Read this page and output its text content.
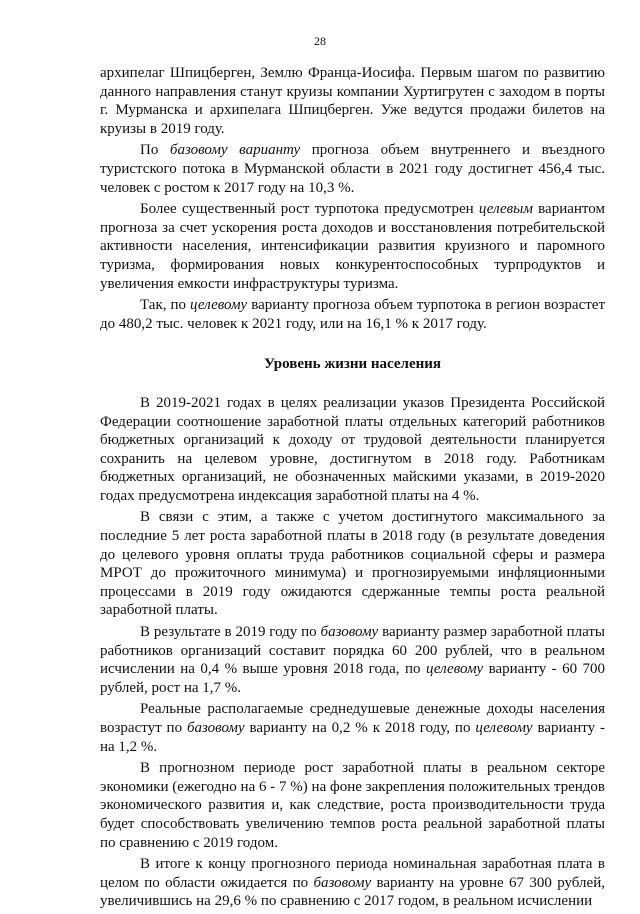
28

архипелаг Шпицберген, Землю Франца-Иосифа. Первым шагом по развитию данного направления станут круизы компании Хуртигрутен с заходом в порты г. Мурманска и архипелага Шпицберген. Уже ведутся продажи билетов на круизы в 2019 году.

По базовому варианту прогноза объем внутреннего и въездного туристского потока в Мурманской области в 2021 году достигнет 456,4 тыс. человек с ростом к 2017 году на 10,3 %.

Более существенный рост турпотока предусмотрен целевым вариантом прогноза за счет ускорения роста доходов и восстановления потребительской активности населения, интенсификации развития круизного и паромного туризма, формирования новых конкурентоспособных турпродуктов и увеличения емкости инфраструктуры туризма.

Так, по целевому варианту прогноза объем турпотока в регион возрастет до 480,2 тыс. человек к 2021 году, или на 16,1 % к 2017 году.

Уровень жизни населения

В 2019-2021 годах в целях реализации указов Президента Российской Федерации соотношение заработной платы отдельных категорий работников бюджетных организаций к доходу от трудовой деятельности планируется сохранить на целевом уровне, достигнутом в 2018 году. Работникам бюджетных организаций, не обозначенных майскими указами, в 2019-2020 годах предусмотрена индексация заработной платы на 4 %.

В связи с этим, а также с учетом достигнутого максимального за последние 5 лет роста заработной платы в 2018 году (в результате доведения до целевого уровня оплаты труда работников социальной сферы и размера МРОТ до прожиточного минимума) и прогнозируемыми инфляционными процессами в 2019 году ожидаются сдержанные темпы роста реальной заработной платы.

В результате в 2019 году по базовому варианту размер заработной платы работников организаций составит порядка 60 200 рублей, что в реальном исчислении на 0,4 % выше уровня 2018 года, по целевому варианту - 60 700 рублей, рост на 1,7 %.

Реальные располагаемые среднедушевые денежные доходы населения возрастут по базовому варианту на 0,2 % к 2018 году, по целевому варианту - на 1,2 %.

В прогнозном периоде рост заработной платы в реальном секторе экономики (ежегодно на 6 - 7 %) на фоне закрепления положительных трендов экономического развития и, как следствие, роста производительности труда будет способствовать увеличению темпов роста реальной заработной платы по сравнению с 2019 годом.

В итоге к концу прогнозного периода номинальная заработная плата в целом по области ожидается по базовому варианту на уровне 67 300 рублей, увеличившись на 29,6 % по сравнению с 2017 годом, в реальном исчислении
